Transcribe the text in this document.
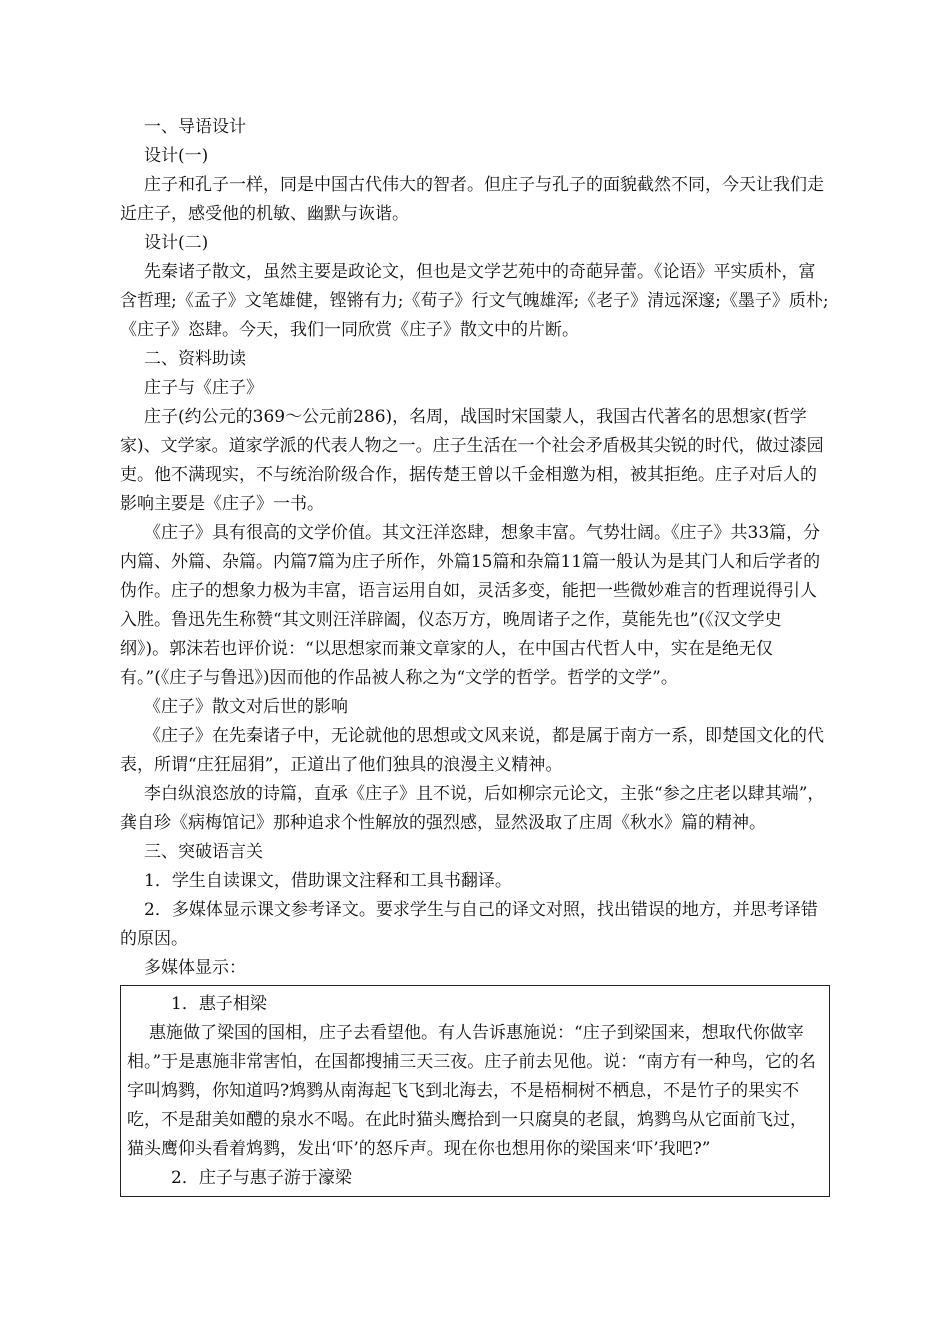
一、导语设计

设计(一)

庄子和孔子一样，同是中国古代伟大的智者。但庄子与孔子的面貌截然不同，今天让我们走近庄子，感受他的机敏、幽默与诙谐。

设计(二)

先秦诸子散文，虽然主要是政论文，但也是文学艺苑中的奇葩异蕾。《论语》平实质朴，富含哲理;《孟子》文笔雄健，铿锵有力;《荀子》行文气魄雄浑;《老子》清远深邃;《墨子》质朴;《庄子》恣肆。今天，我们一同欣赏《庄子》散文中的片断。

二、资料助读

庄子与《庄子》

庄子(约公元的369～公元前286)，名周，战国时宋国蒙人，我国古代著名的思想家(哲学家)、文学家。道家学派的代表人物之一。庄子生活在一个社会矛盾极其尖锐的时代，做过漆园吏。他不满现实，不与统治阶级合作，据传楚王曾以千金相邀为相，被其拒绝。庄子对后人的影响主要是《庄子》一书。

《庄子》具有很高的文学价值。其文汪洋恣肆，想象丰富。气势壮阔。《庄子》共33篇，分内篇、外篇、杂篇。内篇7篇为庄子所作，外篇15篇和杂篇11篇一般认为是其门人和后学者的伪作。庄子的想象力极为丰富，语言运用自如，灵活多变，能把一些微妙难言的哲理说得引人入胜。鲁迅先生称赞“其文则汪洋辟阖，仪态万方，晚周诸子之作，莫能先也”(《汉文学史纲》)。郭沫若也评价说：“以思想家而兼文章家的人，在中国古代哲人中，实在是绝无仅有。”(《庄子与鲁迅》)因而他的作品被人称之为“文学的哲学。哲学的文学”。

《庄子》散文对后世的影响

《庄子》在先秦诸子中，无论就他的思想或文风来说，都是属于南方一系，即楚国文化的代表，所谓“庄狂屈狷”，正道出了他们独具的浪漫主义精神。

李白纵浪恣放的诗篇，直承《庄子》且不说，后如柳宗元论文，主张“参之庄老以肆其端”，龚自珍《病梅馆记》那种追求个性解放的强烈感，显然汲取了庄周《秋水》篇的精神。

三、突破语言关

1．学生自读课文，借助课文注释和工具书翻译。

2．多媒体显示课文参考译文。要求学生与自己的译文对照，找出错误的地方，并思考译错的原因。

多媒体显示：

1．惠子相梁

惠施做了梁国的国相，庄子去看望他。有人告诉惠施说：“庄子到梁国来，想取代你做宰相。”于是惠施非常害怕，在国都搜捕三天三夜。庄子前去见他。说：“南方有一种鸟，它的名字叫鸩鹨，你知道吗?鸩鹨从南海起飞飞到北海去，不是梧桐树不栖息，不是竹子的果实不吃，不是甜美如醴的泉水不喝。在此时猫头鹰拾到一只腐臭的老鼠，鸩鹨鸟从它面前飞过，猫头鹰仰头看着鸩鹨，发出‘吓’的怒斥声。现在你也想用你的梁国来‘吓’我吧?”

2．庄子与惠子游于濠梁
